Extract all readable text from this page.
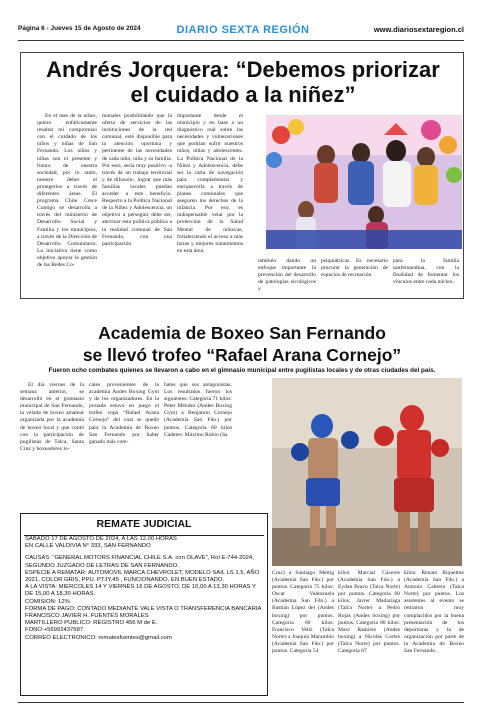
Página 6 - Jueves 15 de Agosto de 2024	DIARIO SEXTA REGIÓN	www.diariosextaregion.cl
Andrés Jorquera: “Debemos priorizar
el cuidado a la niñez”

En el mes de la niñez, quiero enfáticamente resaltar mi compromiso con el cuidado de los niños y niñas de San Fernando. Los niños y niñas son el presente y futuro de nuestra sociedad, por lo tanto, nuestro deber el protegerlos a través de diferentes áreas. El programa Chile Crece Contigo se desarrolla a través del ministerio de Desarrollo Social y Familia y los municipios, a través de la Dirección de Desarrollo Comunitario. La iniciativa tiene como objetivo apoyar la gestión de las Redes Co-

munales posibilitando que la oferta de servicios de las instituciones de la red comunal, esté disponible para la atención oportuna y pertinente de las necesidades de cada niño, niña y su familia. Por esto, sería muy positivo -a través de un trabajo territorial y de difusión-, lograr que más familias locales puedan acceder a este beneficio. Respecto a la Política Nacional de la Niñez y Adolescencia, un objetivo a perseguir debe ser, aterrizar esta política pública a la realidad comunal de San Fernando, con una participación

importante desde el municipio y en base a un diagnóstico real sobre las necesidades y vulneraciones que podrían sufrir nuestros niños, niñas y adolescentes. La Política Nacional de la Niñez y Adolescencia, debe ser la carta de navegación para complementar y enriquecerla a través de planes comunales que aseguren los derechos de la infancia. Por eso, es indispensable velar por la protección de la Salud Mental de niños/as, fortaleciendo el acceso a más horas y mejores tratamientos en esta área,

también dando un enfoque importante la prevención del desarrollo de patologías sicológicos y

psiquiátricas. Es necesario procurar la generación de espacios de recreación

para la familia sanfernandina, con la finalidad de fomentar los vínculos entre cada núcleo.

Academia de Boxeo San Fernando
se llevó trofeo “Rafael Arana Cornejo”
Fueron ocho combates quienes se llevaron a cabo en el gimnasio municipal entre pugilistas locales y de otras ciudades del país.

El día viernes de la semana anterior, se desarrolló en el gimnasio municipal de San Fernando, la velada de boxeo amateur organizada por la academia de boxeo local y que contó con la participación de pugilistas de Talca, Santa Cruz y boxeadores lo-

cales provenientes de la academia Andes Boxing Gym y de los organizadores. En la jornada estuvo en juego el trofeo copa “Rafael Arana Cornejo” del cual se quedó para la Academia de Boxeo San Fernando por haber ganado más com-

bates que sus antagonistas. Los resultados fueron los siguientes: Categoría 71 kilos: Peter Méndez (Andes Boxing Gym) a Benjamín Cornejo (Academia San Fdo.) por puntos. Categoría 60 kilos Cadetes: Máximo Rubio (Sa

Cruz) a Santiago Mettig (Academia San Fdo.) por puntos. Categoría 75 kilos: Oscar Valenzuela (Academia San Fdo.) a Bastián López del (Andes boxing) por puntos. Categoría 60 kilos: Francisco Veliz (Talca Norte) a Joaquín Marambio (Academia San Fdo.) por puntos. Categoría 54

kilos: Marcial Cáceres (Academia San Fdo.) a Eydan Bravo (Talca Norte) por puntos. Categoría 60 kilos: Javier Madariaga (Talca Norte) a Pedro Rojas (Andes boxing) por puntos. Categoría 80 kilos: Maxi Ramírez (Andes boxing) a Nicolás Cortes (Talca Norte) por puntos. Categoría 67

kilos: Renato Riquelme (Academia San Fdo.) a Antonio Cabrera (Talca Norte) por puntos. Los asistentes al evento se retiraron muy complacidos por la buena presentación de los deportistas y la de organización por parte de la Academia de Boxeo San Fernando.

REMATE JUDICIAL
SABADO 17 DE AGOSTO DE 2024, A LAS 12,00 HORAS
EN CALLE VALDIVIA N° 333, SAN FERNANDO
CAUSAS: “GENERAL MOTORS FINANCIAL CHILE S.A. con OLAVE”, Rol E-744-2024, SEGUNDO JUZGADO DE LETRAS DE SAN FERNANDO.
ESPECIE A REMATAR: AUTOMOVIL MARCA CHEVROLET, MODELO SAIL LS 1.5, AÑO 2021, COLOR GRIS, PPU. PTJY.45 , FUNCIONANDO, EN BUEN ESTADO.
A LA VISTA: MIERCOLES 14 Y VIERNES 16 DE AGOSTO, DE 10,00 A 13,30 HORAS Y DE 15,00 A 18,30 HORAS.
COMISION: 12%
FORMA DE PAGO: CONTADO MEDIANTE VALE VISTA O TRANSFERENCIA BANCARIA
FRANCISCO JAVIER H. FUENTES MORALES
MARTILLERO PUBLICO: REGISTRO 456 M de E.
FONO:+56992437687
CORREO ELECTRONICO: rematesfuentes@gmail.com
